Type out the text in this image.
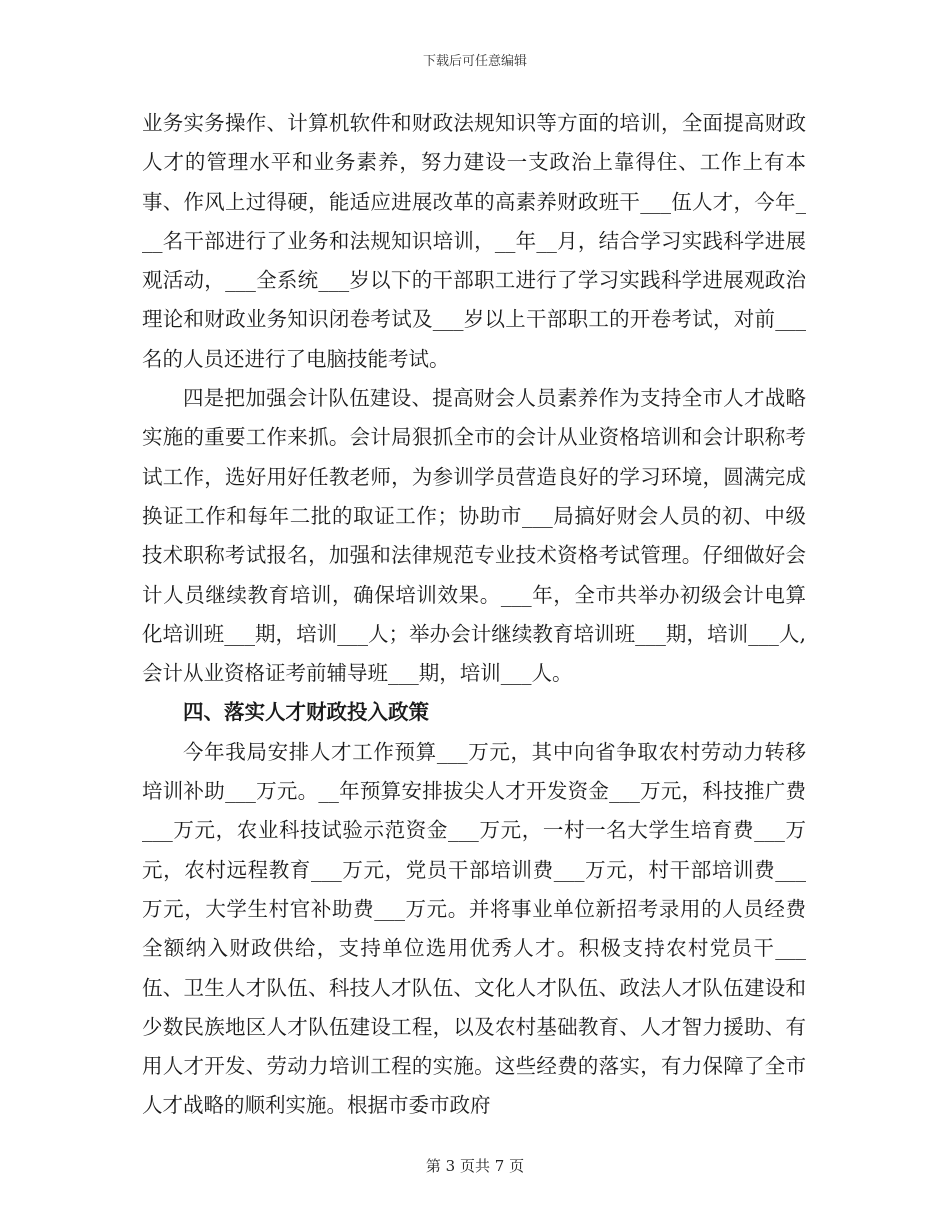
下载后可任意编辑

业务实务操作、计算机软件和财政法规知识等方面的培训，全面提高财政人才的管理水平和业务素养，努力建设一支政治上靠得住、工作上有本事、作风上过得硬，能适应进展改革的高素养财政班干___伍人才，今年___名干部进行了业务和法规知识培训，__年__月，结合学习实践科学进展观活动，___全系统___岁以下的干部职工进行了学习实践科学进展观政治理论和财政业务知识闭卷考试及___岁以上干部职工的开卷考试，对前___名的人员还进行了电脑技能考试。

四是把加强会计队伍建设、提高财会人员素养作为支持全市人才战略实施的重要工作来抓。会计局狠抓全市的会计从业资格培训和会计职称考试工作，选好用好任教老师，为参训学员营造良好的学习环境，圆满完成换证工作和每年二批的取证工作；协助市___局搞好财会人员的初、中级技术职称考试报名，加强和法律规范专业技术资格考试管理。仔细做好会计人员继续教育培训，确保培训效果。___年，全市共举办初级会计电算化培训班___期，培训___人；举办会计继续教育培训班___期，培训___人,会计从业资格证考前辅导班___期，培训___人。

四、落实人才财政投入政策

今年我局安排人才工作预算___万元，其中向省争取农村劳动力转移培训补助___万元。__年预算安排拔尖人才开发资金___万元，科技推广费___万元，农业科技试验示范资金___万元，一村一名大学生培育费___万元，农村远程教育___万元，党员干部培训费___万元，村干部培训费___万元，大学生村官补助费___万元。并将事业单位新招考录用的人员经费全额纳入财政供给，支持单位选用优秀人才。积极支持农村党员干___伍、卫生人才队伍、科技人才队伍、文化人才队伍、政法人才队伍建设和少数民族地区人才队伍建设工程，以及农村基础教育、人才智力援助、有用人才开发、劳动力培训工程的实施。这些经费的落实，有力保障了全市人才战略的顺利实施。根据市委市政府

第 3 页共 7 页
